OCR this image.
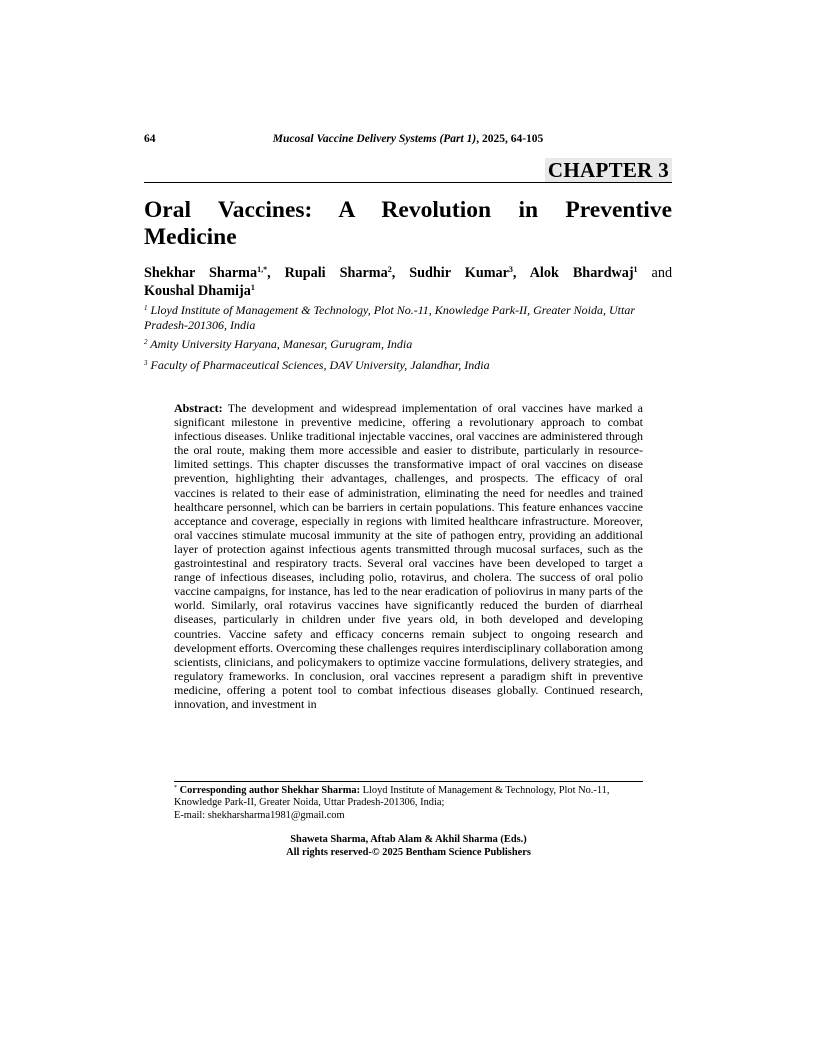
64	Mucosal Vaccine Delivery Systems (Part 1), 2025, 64-105
CHAPTER 3
Oral Vaccines: A Revolution in Preventive
Medicine
Shekhar Sharma$^{1,*}$, Rupali Sharma$^2$, Sudhir Kumar$^3$, Alok Bhardwaj$^1$ and
Koushal Dhamija$^1$
$^1$ Lloyd Institute of Management & Technology, Plot No.-11, Knowledge Park-II, Greater Noida, Uttar Pradesh-201306, India
$^2$ Amity University Haryana, Manesar, Gurugram, India
$^3$ Faculty of Pharmaceutical Sciences, DAV University, Jalandhar, India
Abstract: The development and widespread implementation of oral vaccines have marked a significant milestone in preventive medicine, offering a revolutionary approach to combat infectious diseases. Unlike traditional injectable vaccines, oral vaccines are administered through the oral route, making them more accessible and easier to distribute, particularly in resource-limited settings. This chapter discusses the transformative impact of oral vaccines on disease prevention, highlighting their advantages, challenges, and prospects. The efficacy of oral vaccines is related to their ease of administration, eliminating the need for needles and trained healthcare personnel, which can be barriers in certain populations. This feature enhances vaccine acceptance and coverage, especially in regions with limited healthcare infrastructure. Moreover, oral vaccines stimulate mucosal immunity at the site of pathogen entry, providing an additional layer of protection against infectious agents transmitted through mucosal surfaces, such as the gastrointestinal and respiratory tracts. Several oral vaccines have been developed to target a range of infectious diseases, including polio, rotavirus, and cholera. The success of oral polio vaccine campaigns, for instance, has led to the near eradication of poliovirus in many parts of the world. Similarly, oral rotavirus vaccines have significantly reduced the burden of diarrheal diseases, particularly in children under five years old, in both developed and developing countries. Vaccine safety and efficacy concerns remain subject to ongoing research and development efforts. Overcoming these challenges requires interdisciplinary collaboration among scientists, clinicians, and policymakers to optimize vaccine formulations, delivery strategies, and regulatory frameworks. In conclusion, oral vaccines represent a paradigm shift in preventive medicine, offering a potent tool to combat infectious diseases globally. Continued research, innovation, and investment in
* Corresponding author Shekhar Sharma: Lloyd Institute of Management & Technology, Plot No.-11, Knowledge Park-II, Greater Noida, Uttar Pradesh-201306, India;
E-mail: shekharsharma1981@gmail.com
Shaweta Sharma, Aftab Alam & Akhil Sharma (Eds.)
All rights reserved-© 2025 Bentham Science Publishers
